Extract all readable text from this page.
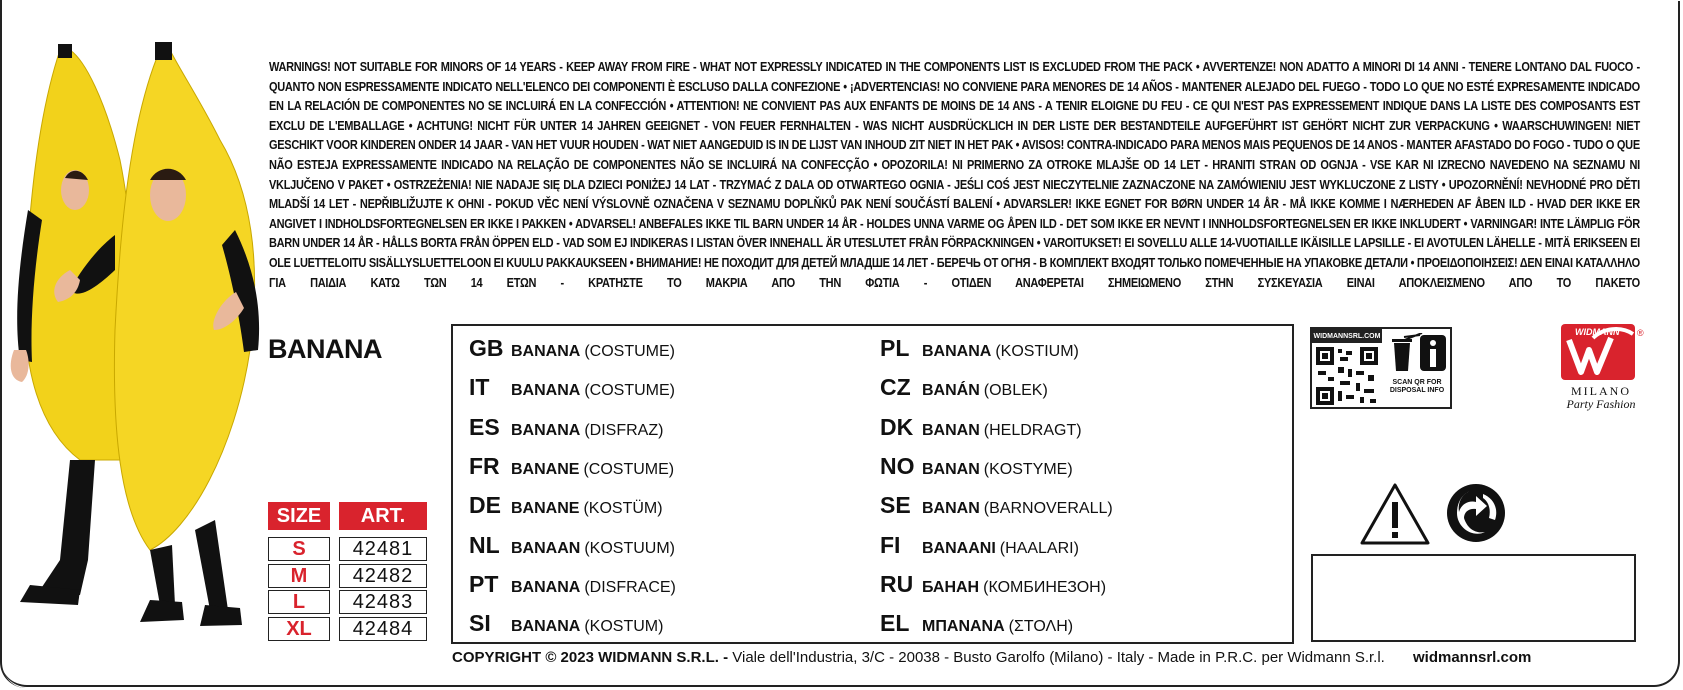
WARNINGS! NOT SUITABLE FOR MINORS OF 14 YEARS - KEEP AWAY FROM FIRE - WHAT NOT EXPRESSLY INDICATED IN THE COMPONENTS LIST IS EXCLUDED FROM THE PACK • AVVERTENZE! NON ADATTO A MINORI DI 14 ANNI - TENERE LONTANO DAL FUOCO - QUANTO NON ESPRESSAMENTE INDICATO NELL'ELENCO DEI COMPONENTI È ESCLUSO DALLA CONFEZIONE • ¡ADVERTENCIAS! NO CONVIENE PARA MENORES DE 14 AÑOS - MANTENER ALEJADO DEL FUEGO - TODO LO QUE NO ESTÉ EXPRESAMENTE INDICADO EN LA RELACIÓN DE COMPONENTES NO SE INCLUIRÁ EN LA CONFECCIÓN • ATTENTION! NE CONVIENT PAS AUX ENFANTS DE MOINS DE 14 ANS - A TENIR ELOIGNE DU FEU - CE QUI N'EST PAS EXPRESSEMENT INDIQUE DANS LA LISTE DES COMPOSANTS EST EXCLU DE L'EMBALLAGE • ACHTUNG! NICHT FÜR UNTER 14 JAHREN GEEIGNET - VON FEUER FERNHALTEN - WAS NICHT AUSDRÜCKLICH IN DER LISTE DER BESTANDTEILE AUFGEFÜHRT IST GEHÖRT NICHT ZUR VERPACKUNG • WAARSCHUWINGEN! NIET GESCHIKT VOOR KINDEREN ONDER 14 JAAR - VAN HET VUUR HOUDEN - WAT NIET AANGEDUID IS IN DE LIJST VAN INHOUD ZIT NIET IN HET PAK • AVISOS! CONTRA-INDICADO PARA MENOS MAIS PEQUENOS DE 14 ANOS - MANTER AFASTADO DO FOGO - TUDO O QUE NÃO ESTEJA EXPRESSAMENTE INDICADO NA RELAÇÃO DE COMPONENTES NÃO SE INCLUIRÁ NA CONFECÇÃO • OPOZORILA! NI PRIMERNO ZA OTROKE MLAJŠE OD 14 LET - HRANITI STRAN OD OGNJA - VSE KAR NI IZRECNO NAVEDENO NA SEZNAMU NI VKLJUČENO V PAKET • OSTRZEŻENIA! NIE NADAJE SIĘ DLA DZIECI PONIŻEJ 14 LAT - TRZYMAĆ Z DALA OD OTWARTEGO OGNIA - JEŚLI COŚ JEST NIECZYTELNIE ZAZNACZONE NA ZAMÓWIENIU JEST WYKLUCZONE Z LISTY • UPOZORNĚNÍ! NEVHODNÉ PRO DĚTI MLADŠÍ 14 LET - NEPŘIBLIŽUJTE K OHNI - POKUD VĚC NENÍ VÝSLOVNĚ OZNAČENA V SEZNAMU DOPLŇKŮ PAK NENÍ SOUČÁSTÍ BALENÍ • ADVARSLER! IKKE EGNET FOR BØRN UNDER 14 ÅR - MÅ IKKE KOMME I NÆRHEDEN AF ÅBEN ILD - HVAD DER IKKE ER ANGIVET I INDHOLDSFORTEGNELSEN ER IKKE I PAKKEN • ADVARSEL! ANBEFALES IKKE TIL BARN UNDER 14 ÅR - HOLDES UNNA VARME OG ÅPEN ILD - DET SOM IKKE ER NEVNT I INNHOLDSFORTEGNELSEN ER IKKE INKLUDERT • VARNINGAR! INTE LÄMPLIG FÖR BARN UNDER 14 ÅR - HÅLLS BORTA FRÅN ÖPPEN ELD - VAD SOM EJ INDIKERAS I LISTAN ÖVER INNEHALL ÄR UTESLUTET FRÅN FÖRPACKNINGEN • VAROITUKSET! EI SOVELLU ALLE 14-VUOTIAILLE IKÄISILLE LAPSILLE - EI AVOTULEN LÄHELLE - MITÄ ERIKSEEN EI OLE LUETTELOITU SISÄLLYSLUETTELOON EI KUULU PAKKAUKSEEN • ВНИМАНИЕ! НЕ ПОХОДИТ ДЛЯ ДЕТЕЙ МЛАДШЕ 14 ЛЕТ - БЕРЕЧЬ ОТ ОГНЯ - В КОМПЛЕКТ ВХОДЯТ ТОЛЬКО ПОМЕЧЕННЫЕ НА УПАКОВКЕ ДЕТАЛИ • ΠΡΟΕΙΔΟΠΟΙΗΣΕΙΣ! ΔΕΝ ΕΙΝΑΙ ΚΑΤΑΛΛΗΛΟ ΓΙΑ ΠΑΙΔΙΑ ΚΑΤΩ ΤΩΝ 14 ΕΤΩΝ - ΚΡΑΤΗΣΤΕ ΤΟ ΜΑΚΡΙΑ ΑΠΟ ΤΗΝ ΦΩΤΙΑ - ΟΤΙΔΕΝ ΑΝΑΦΕΡΕΤΑΙ ΣΗΜΕΙΩΜΕΝΟ ΣΤΗΝ ΣΥΣΚΕΥΑΣΙΑ ΕΙΝΑΙ ΑΠΟΚΛΕΙΣΜΕΝΟ ΑΠΟ ΤΟ ΠΑΚΕΤΟ
BANANA
SIZE	ART.
S	42481
M	42482
L	42483
XL	42484
GB BANANA (COSTUME)
IT	BANANA (COSTUME)
ES BANANA (DISFRAZ)
FR BANANE (COSTUME)
DE BANANE (KOSTÜM)
NL BANAAN (KOSTUUM)
PT BANANA (DISFRACE)
SI	BANANA (KOSTUM)
PL BANANA (KOSTIUM)
CZ BANÁN (OBLEK)
DK BANAN (HELDRAGT)
NO BANAN (KOSTYME)
SE BANAN (BARNOVERALL)
FI	BANAANI (HAALARI)
RU БАНАН (КОМБИНЕЗОН)
EL ΜΠΑΝΑΝΑ (ΣΤΟΛΗ)
WIDMANNSRL.COM
SCAN QR FOR DISPOSAL INFO
WIDMANN ®
MILANO
Party Fashion
COPYRIGHT © 2023 WIDMANN S.R.L. - Viale dell'Industria, 3/C - 20038 - Busto Garolfo (Milano) - Italy - Made in P.R.C. per Widmann S.r.l. widmannsrl.com
